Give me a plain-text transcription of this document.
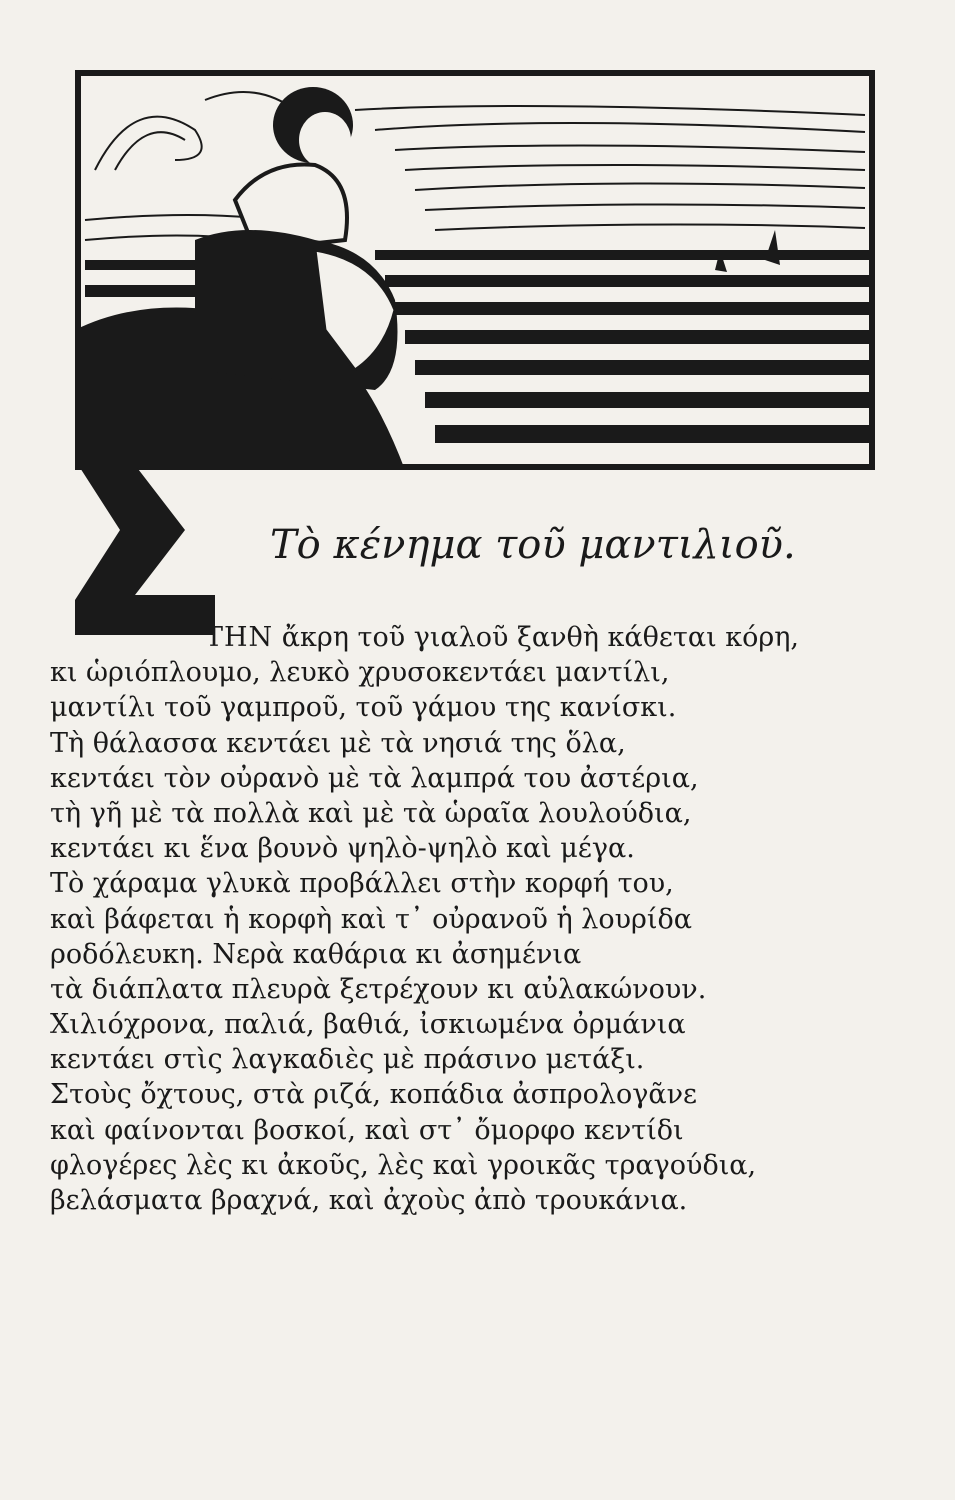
Τὸ κένημα τοῦ μαντιλιοῦ.
ΤΗΝ ἄκρη τοῦ γιαλοῦ ξανθὴ κάθεται κόρη,
κι ὡριόπλουμο, λευκὸ χρυσοκεντάει μαντίλι,
μαντίλι τοῦ γαμπροῦ, τοῦ γάμου της κανίσκι.
Τὴ θάλασσα κεντάει μὲ τὰ νησιά της ὅλα,
κεντάει τὸν οὐρανὸ μὲ τὰ λαμπρά του ἀστέρια,
τὴ γῆ μὲ τὰ πολλὰ καὶ μὲ τὰ ὡραῖα λουλούδια,
κεντάει κι ἕνα βουνὸ ψηλὸ-ψηλὸ καὶ μέγα.
Τὸ χάραμα γλυκὰ προβάλλει στὴν κορφή του,
καὶ βάφεται ἡ κορφὴ καὶ τ᾽ οὐρανοῦ ἡ λουρίδα
ροδόλευκη. Νερὰ καθάρια κι ἀσημένια
τὰ διάπλατα πλευρὰ ξετρέχουν κι αὐλακώνουν.
Χιλιόχρονα, παλιά, βαθιά, ἰσκιωμένα ὀρμάνια
κεντάει στὶς λαγκαδιὲς μὲ πράσινο μετάξι.
Στοὺς ὄχτους, στὰ ριζά, κοπάδια ἀσπρολογᾶνε
καὶ φαίνονται βοσκοί, καὶ στ᾽ ὄμορφο κεντίδι
φλογέρες λὲς κι ἀκοῦς, λὲς καὶ γροικᾶς τραγούδια,
βελάσματα βραχνά, καὶ ἀχοὺς ἀπὸ τρουκάνια.
